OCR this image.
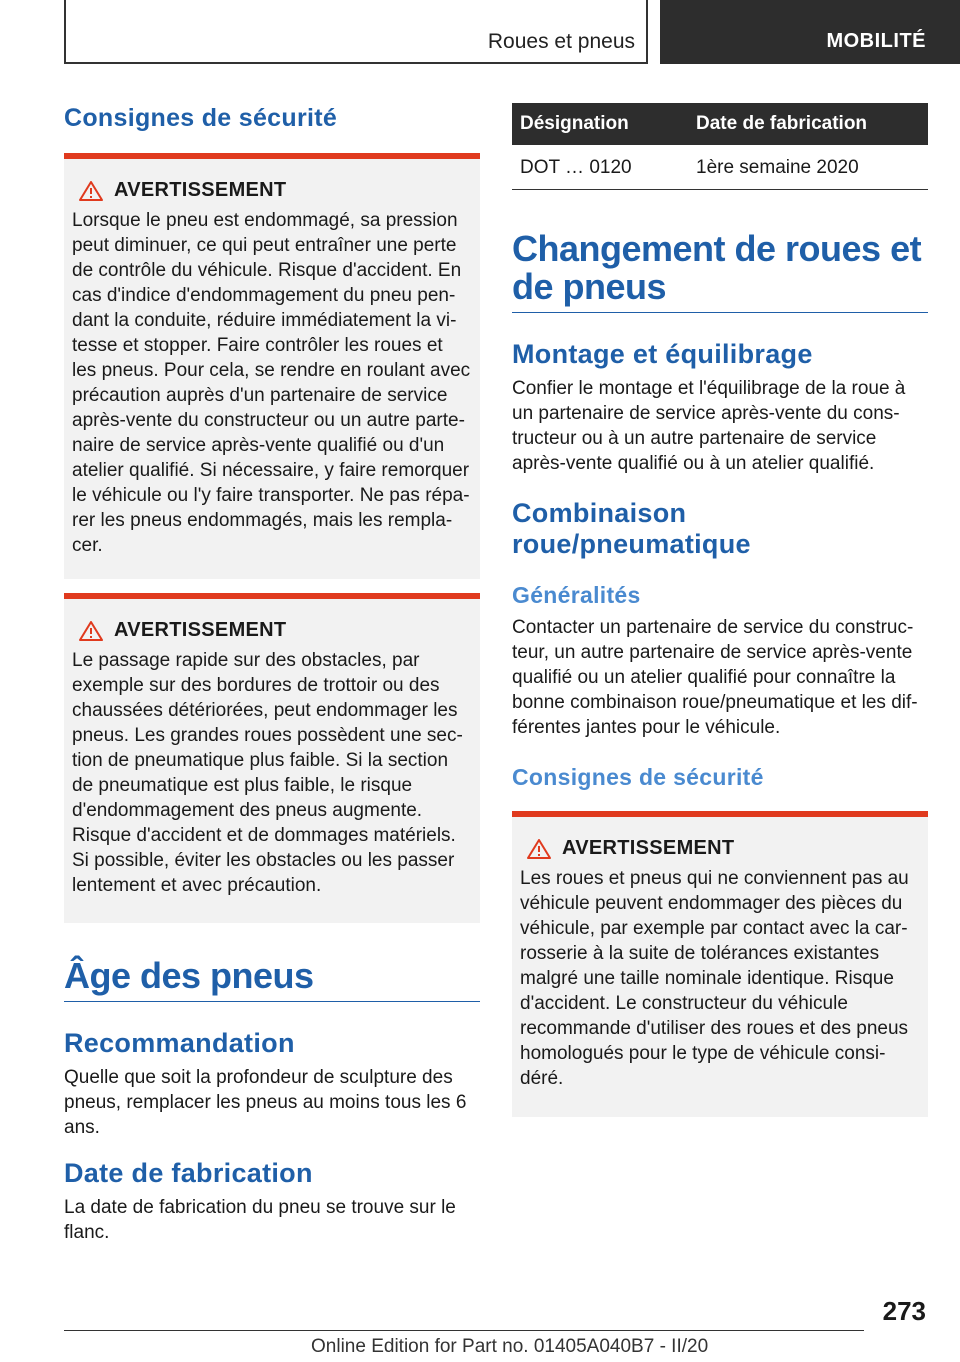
Roues et pneus	MOBILITÉ
Consignes de sécurité
AVERTISSEMENT

Lorsque le pneu est endommagé, sa pression peut diminuer, ce qui peut entraîner une perte de contrôle du véhicule. Risque d'accident. En cas d'indice d'endommagement du pneu pendant la conduite, réduire immédiatement la vitesse et stopper. Faire contrôler les roues et les pneus. Pour cela, se rendre en roulant avec précaution auprès d'un partenaire de service après-vente du constructeur ou un autre partenaire de service après-vente qualifié ou d'un atelier qualifié. Si nécessaire, y faire remorquer le véhicule ou l'y faire transporter. Ne pas réparer les pneus endommagés, mais les remplacer.

AVERTISSEMENT

Le passage rapide sur des obstacles, par exemple sur des bordures de trottoir ou des chaussées détériorées, peut endommager les pneus. Les grandes roues possèdent une section de pneumatique plus faible. Si la section de pneumatique est plus faible, le risque d'endommagement des pneus augmente. Risque d'accident et de dommages matériels. Si possible, éviter les obstacles ou les passer lentement et avec précaution.

Âge des pneus
Recommandation

Quelle que soit la profondeur de sculpture des pneus, remplacer les pneus au moins tous les 6 ans.

Date de fabrication

La date de fabrication du pneu se trouve sur le flanc.

Désignation	Date de fabrication
DOT … 0120	1ère semaine 2020
Changement de roues et de pneus
Montage et équilibrage

Confier le montage et l'équilibrage de la roue à un partenaire de service après-vente du constructeur ou à un autre partenaire de service après-vente qualifié ou à un atelier qualifié.

Combinaison roue/pneumatique
Généralités

Contacter un partenaire de service du constructeur, un autre partenaire de service après-vente qualifié ou un atelier qualifié pour connaître la bonne combinaison roue/pneumatique et les différentes jantes pour le véhicule.

Consignes de sécurité
AVERTISSEMENT

Les roues et pneus qui ne conviennent pas au véhicule peuvent endommager des pièces du véhicule, par exemple par contact avec la carrosserie à la suite de tolérances existantes malgré une taille nominale identique. Risque d'accident. Le constructeur du véhicule recommande d'utiliser des roues et des pneus homologués pour le type de véhicule considéré.

273
Online Edition for Part no. 01405A040B7 - II/20
